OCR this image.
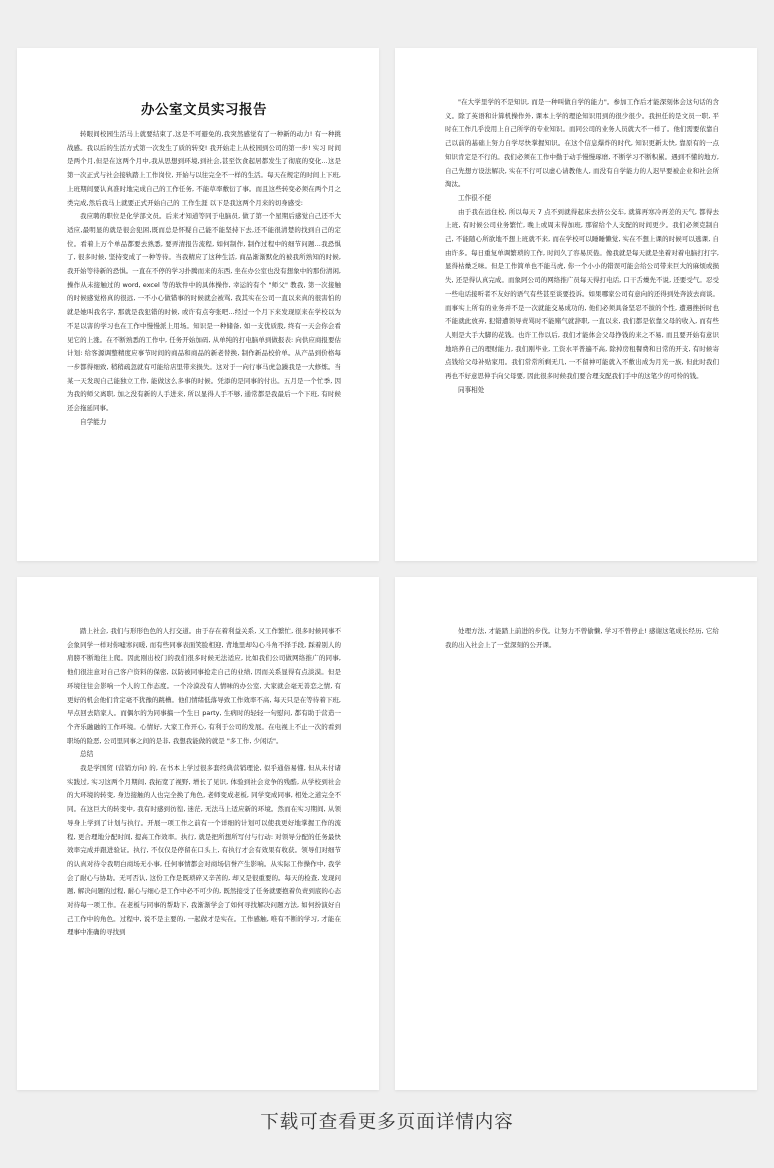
办公室文员实习报告

转眼间校园生活马上就要结束了,这是不可避免的,我突然感觉有了一种新的动力! 有一种挑战感。我以后的生活方式第一次发生了质的转变! 我开始走上从校园到公司的第一步! 实习 时间是两个月,但是在这两个月中,我从思想到环境,到社会,甚至饮食起居都发生了彻底的变化...这是第一次正式与社会接轨踏上工作岗位, 开始与以往完全不一样的生活。每天在规定的时间上下班, 上班期间要认真准时地完成自己的工作任务, 不能草率敷衍了事。而且这些转变必须在两个月之类完成,然后我马上就要正式开始自己的 工作生涯 以下是我这两个月来的切身感受:

我应聘的职位是化学部文员。后来才知道等同于电脑员, 做了第一个星期后感觉自己还不大适应,最明显的就是很会犯困,既而总是怀疑自己能不能坚持下去,还不能很清楚的找到自己的定位。看着上万个单品都要去熟悉, 要弄清报告流程, 如何制作, 制作过程中的细节问题...我恐惧了, 很多时候, 坚持变成了一种等待。当我精应了这种生活, 商品渐渐默化的被我所熟知的时候, 我开始等待新的恐惧。一直在不停的学习扑腾而来的东西, 坐在办公室也没有想象中的那份清闲, 操作从未接触过的 word, excel 等的软件中的具体操作, 幸运的有个 "师父" 教我, 第一次接触的时候感觉格真的很远, 一不小心做错事的时候就会被骂, 我其实在公司一直以来真的很害怕的就是她叫我名字, 那就是我犯错的时候, 或许有点夸张吧...经过一个月下来发现原来在学校以为不足以害的学习也在工作中慢慢派上用场。知识是一种储备, 如一支优质股, 终有一天会你会看见它的上涨。在不断熟悉的工作中, 任务开始加码, 从单纯的打电脑单到做报表: 向供应商报要估计划: 给客源调整精度应事节时间的商品和商品的新老替换, 制作新品校价单。从产品到价格每一步都得细致, 稍稍疏忽就有可能给店里带来损失。这对于一向行事马虎急躁我是一大修炼。当某一天发现自己能独立工作, 能做这么多事的时候。凭添的是同事的付出。五月是一个忙季, 因为我的师父离职, 加之没有新的人手进来, 所以显得人手不够, 通常都是我最后一个下班, 有时候还会拖延同事。

自学能力

"在大学里学的不是知识, 而是一种叫做自学的能力"。参加工作后才能深刻体会这句话的含义。除了英语和计算机操作外, 课本上学的理论知识用到的很少很少。我担任的是文员一职, 平时在工作几乎没用上自己所学的专业知识。而同公司的业务人员就大不一样了。他们需要依靠自己以前的基础上努力自学尽快掌握知识。在这个信息爆炸的时代, 知识更新太快, 靠原有的一点知识肯定是不行的。我们必须在工作中勤于动手慢慢琢磨, 不断学习不断积累。遇到不懂的地方, 自己先想方设法解决, 实在不行可以虚心请教他人, 而没有自学能力的人迟早要被企业和社会所淘汰。

工作很不便

由于我在远住校, 所以每天 7 点不到就得起床去挤公交车, 就算再寒冷再差的天气, 都得去上班, 有时候公司业务繁忙, 晚上或周末得加班, 那留给个人支配的时间更少。我们必须克制自己, 不能随心所欲地不想上班就不来, 而在学校可以睡睡懒觉, 实在不想上课的时候可以逃课, 自由许多。每日重复单调繁琐的工作, 时间久了容易厌倦。像我就是每天就是坐着对着电脑打打字, 显得枯燥乏味。但是工作简单也不能马虎, 你一个小小的错误可能会给公司带来巨大的麻烦或损失, 还是得认真完成。而象阿公司的网络推广员每天得打电话, 口干舌燥先不说, 还要受气。忍受一些电话接听者不友好的语气有些甚至谈要投诉。如果哪家公司有意向的还得到处奔波去商谈。而事实上所有的业务并不是一次就能交易成功的, 他们必须具备坚忍不拔的个性, 遭遇挫折时也不能就此放弃, 犯错遭领导责骂时不能赌气就辞职, 一直以来, 我们都是依靠父母的收入, 而有些人则是大手大脚的花钱。也许工作以后, 我们才能体会父母挣钱的来之不易, 而且要开始有意识地培养自己的理财能力, 我们刚毕业, 工资水平普遍不高, 除掉房租餐费和日常的开支, 有时候寄点钱给父母补贴家用。我们常常所剩无几, 一不留神可能就入不敷出成为月光一族, 但此时我们再也不好意思伸手向父母要, 因此很多时候我们要合理支配我们手中的这笔少的可怜的钱。

同事相处

踏上社会, 我们与形形色色的人打交道。由于存在着利益关系, 又工作繁忙, 很多时候同事不会象同学一样对你嘘寒问暖, 而有些同事表面笑脸相迎, 背地里却勾心斗角不择手段, 踩着别人的肩膀不断地往上爬。因此刚出校门的我们很多时候无法适应, 比如我们公司做网络推广的同事, 他们很注意对自己客户资料的保密, 以防被同事抢走自己的业绩, 因而关系显得有点淡漠。但是环境往往会影响一个人的工作态度。一个冷漠没有人情味的办公室, 大家就会毫无善恋之情, 有更好的机会他们肯定毫不犹豫的跳槽。他们情绪低落导致工作效率不高, 每天只是在等待着下班, 早点回去陪家人。而偶尔的为同事搞一个生日 party, 生病时的轻轻一句慰问, 都有助于营造一个齐乐融融的工作环境。心情好, 大家工作开心, 有利于公司的发展。在电视上不止一次的看到职场的险恶, 公司里同事之间的是非, 我想我能做的就是 "多工作, 少闲话"。

总结

我是学国贸 (营销方向) 的, 在书本上学过很多套经典营销理论, 似乎通俗易懂, 但从未付诸实践过, 实习这两个月期间, 我拓宽了视野, 增长了见识, 体验到社会竞争的残酷, 从学校到社会的大环境的转变, 身边接触的人也完全换了角色, 老师变成老板, 同学变成同事, 相处之道完全不同。在这巨大的转变中, 我有时感到彷徨, 迷茫, 无法马上适应新的环境。然而在实习期间, 从领导身上学到了计划与执行。开展一项工作之前有一个详细的计划可以使我更好地掌握工作的流程, 更合理地分配时间, 提高工作效率。执行, 就是把所想所写付与行动: 对领导分配的任务最快效率完成并跟进验证。执行, 不仅仅是停留在口头上, 有执行才会有效果有收获。领导们对细节的认真对待令我明白商场无小事, 任何事情都会对商场信誉产生影响。从实际工作操作中, 我学会了耐心与协助。无可否认, 这份工作是既琐碎又辛苦的, 却又是很重要的。每天的检查, 发现问题, 解决问题的过程, 耐心与细心是工作中必不可少的, 既然接受了任务就要抱着负责到底的心态对待每一项工作。在老板与同事的帮助下, 我渐渐学会了如何寻找解决问题方法, 如何扮演好自己工作中的角色。过程中, 说不是主要的, 一起做才是实在。工作感触, 唯有不断的学习, 才能在理事中准确的寻找到

处理方法, 才能踏上前进的步伐。让努力不曾偷懒, 学习不曾停止! 感谢这笔成长经历, 它给我的出入社会上了一堂深刻的公开课。

下载可查看更多页面详情内容
